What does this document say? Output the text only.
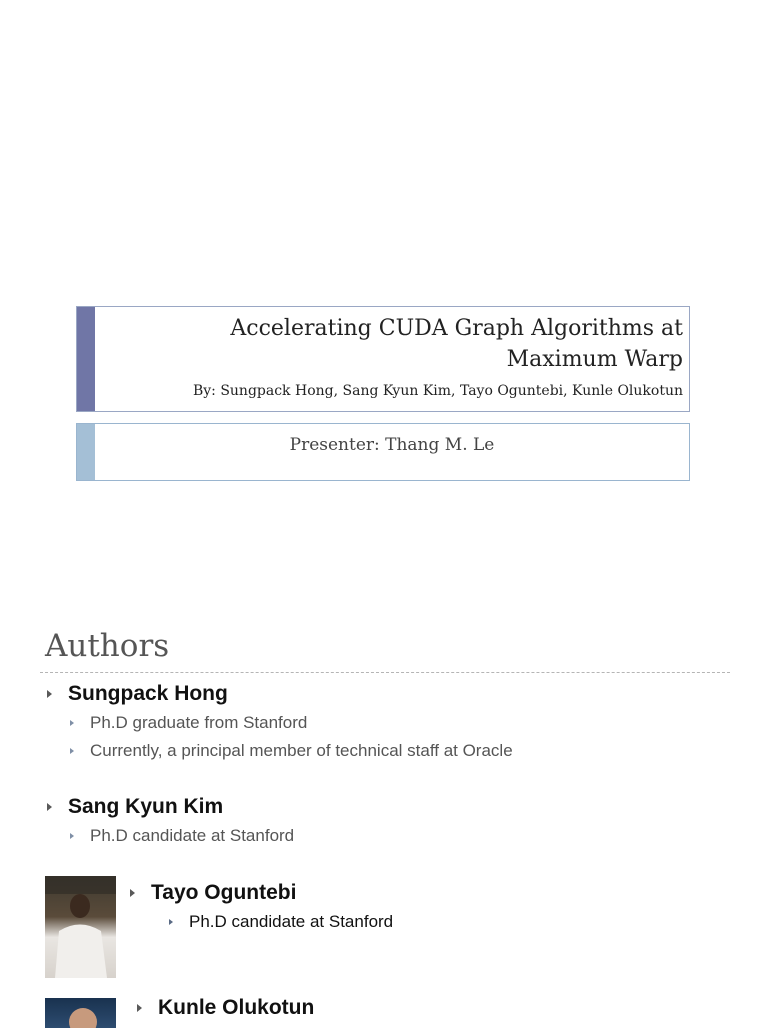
Accelerating CUDA Graph Algorithms at Maximum Warp
By: Sungpack Hong, Sang Kyun Kim, Tayo Oguntebi, Kunle Olukotun
Presenter: Thang M. Le
Authors
Sungpack Hong
Ph.D graduate from Stanford
Currently, a principal member of technical staff at Oracle
Sang Kyun Kim
Ph.D candidate at Stanford
Tayo Oguntebi
Ph.D candidate at Stanford
Kunle Olukotun
